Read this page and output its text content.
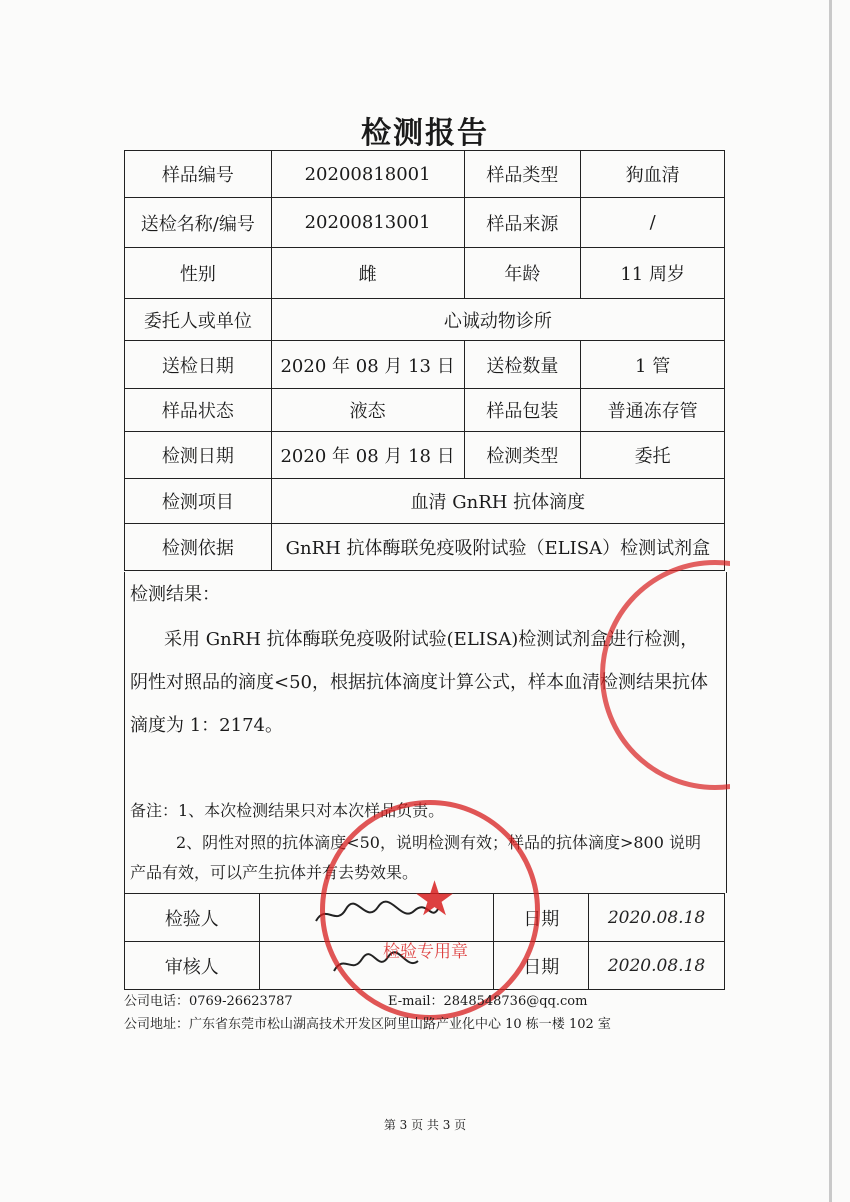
检测报告
样品编号	20200818001	样品类型	狗血清
送检名称/编号	20200813001	样品来源	/
性别	雌	年龄	11 周岁
委托人或单位	心诚动物诊所		
送检日期	2020 年 08 月 13 日	送检数量	1 管
样品状态	液态	样品包装	普通冻存管
检测日期	2020 年 08 月 18 日	检测类型	委托
检测项目	血清 GnRH 抗体滴度		
检测依据	GnRH 抗体酶联免疫吸附试验（ELISA）检测试剂盒		
检测结果：
采用 GnRH 抗体酶联免疫吸附试验(ELISA)检测试剂盒进行检测，阴性对照品的滴度<50，根据抗体滴度计算公式，样本血清检测结果抗体滴度为 1：2174。
备注：1、本次检测结果只对本次样品负责。
2、阴性对照的抗体滴度<50，说明检测有效；样品的抗体滴度>800 说明产品有效，可以产生抗体并有去势效果。
检验人		日期	2020.08.18
审核人		日期	2020.08.18
★
检验专用章
公司电话：0769-26623787	E-mail：2848548736@qq.com
公司地址：广东省东莞市松山湖高技术开发区阿里山路产业化中心 10 栋一楼 102 室
第 3 页 共 3 页
